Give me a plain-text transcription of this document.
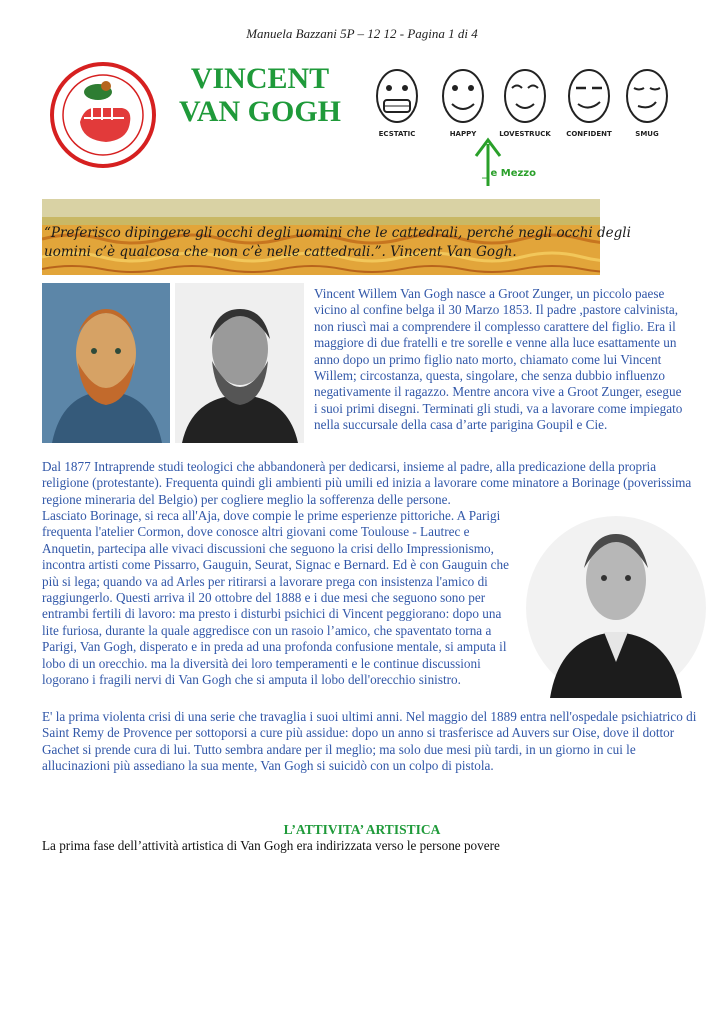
Manuela Bazzani 5P – 12 12 - Pagina 1 di 4
VINCENT
VAN GOGH
ECSTATIC	HAPPY	LOVESTRUCK	CONFIDENT	SMUG
_ e Mezzo
“Preferisco dipingere gli occhi degli uomini che le cattedrali, perché negli occhi degli uomini c’è qualcosa che non c’è nelle cattedrali.”. Vincent Van Gogh.
Vincent Willem Van Gogh nasce a Groot Zunger, un piccolo paese vicino al confine belga il 30 Marzo 1853. Il padre ,pastore calvinista, non riuscì mai a comprendere il complesso carattere del figlio. Era il maggiore di due fratelli e tre sorelle e venne alla luce esattamente un anno dopo un primo figlio nato morto, chiamato come lui Vincent Willem; circostanza, questa, singolare, che senza dubbio influenzo negativamente il ragazzo. Mentre ancora vive a Groot Zunger, esegue i suoi primi disegni. Terminati gli studi, va a lavorare come impiegato nella succursale della casa d’arte parigina Goupil e Cie.
Dal 1877 Intraprende studi teologici che abbandonerà per dedicarsi, insieme al padre, alla predicazione della propria religione (protestante). Frequenta quindi gli ambienti più umili ed inizia a lavorare come minatore a Borinage (poverissima regione mineraria del Belgio) per cogliere meglio la sofferenza delle persone.
Lasciato Borinage, si reca all'Aja, dove compie le prime esperienze pittoriche. A Parigi frequenta l'atelier Cormon, dove conosce altri giovani come Toulouse - Lautrec e Anquetin, partecipa alle vivaci discussioni che seguono la crisi dello Impressionismo, incontra artisti come Pissarro, Gauguin, Seurat, Signac e Bernard. Ed è con Gauguin che più si lega; quando va ad Arles per ritirarsi a lavorare prega con insistenza l'amico di raggiungerlo. Questi arriva il 20 ottobre del 1888 e i due mesi che seguono sono per entrambi fertili di lavoro: ma presto i disturbi psichici di Vincent peggiorano: dopo una lite furiosa, durante la quale aggredisce con un rasoio l’amico, che spaventato torna a Parigi, Van Gogh, disperato e in preda ad una profonda confusione mentale, si amputa il lobo di un orecchio. ma la diversità dei loro temperamenti e le continue discussioni logorano i fragili nervi di Van Gogh che si amputa il lobo dell'orecchio sinistro.
E' la prima violenta crisi di una serie che travaglia i suoi ultimi anni. Nel maggio del 1889 entra nell'ospedale psichiatrico di Saint Remy de Provence per sottoporsi a cure più assidue: dopo un anno si trasferisce ad Auvers sur Oise, dove il dottor Gachet si prende cura di lui. Tutto sembra andare per il meglio; ma solo due mesi più tardi, in un giorno in cui le allucinazioni più assediano la sua mente, Van Gogh si suicidò con un colpo di pistola.
L’ATTIVITA’ ARTISTICA
La prima fase dell’attività artistica di Van Gogh era indirizzata verso le persone povere
